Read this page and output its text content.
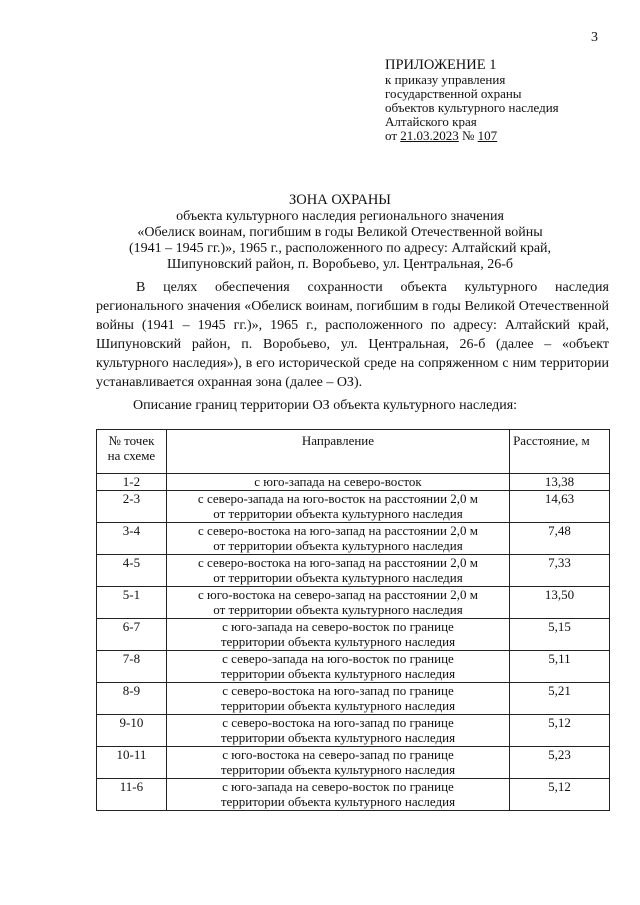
3
ПРИЛОЖЕНИЕ 1
к приказу управления
государственной охраны
объектов культурного наследия
Алтайского края
от 21.03.2023 № 107
ЗОНА ОХРАНЫ
объекта культурного наследия регионального значения
«Обелиск воинам, погибшим в годы Великой Отечественной войны
(1941 – 1945 гг.)», 1965 г., расположенного по адресу: Алтайский край,
Шипуновский район, п. Воробьево, ул. Центральная, 26-б
В целях обеспечения сохранности объекта культурного наследия регионального значения «Обелиск воинам, погибшим в годы Великой Отечественной войны (1941 – 1945 гг.)», 1965 г., расположенного по адресу: Алтайский край, Шипуновский район, п. Воробьево, ул. Центральная, 26-б (далее – «объект культурного наследия»), в его исторической среде на сопряженном с ним территории устанавливается охранная зона (далее – ОЗ).
Описание границ территории ОЗ объекта культурного наследия:
№ точек
на схеме	Направление	Расстояние, м
1-2	с юго-запада на северо-восток	13,38
2-3	с северо-запада на юго-восток на расстоянии 2,0 м
от территории объекта культурного наследия	14,63
3-4	с северо-востока на юго-запад на расстоянии 2,0 м
от территории объекта культурного наследия	7,48
4-5	с северо-востока на юго-запад на расстоянии 2,0 м
от территории объекта культурного наследия	7,33
5-1	с юго-востока на северо-запад на расстоянии 2,0 м
от территории объекта культурного наследия	13,50
6-7	с юго-запада на северо-восток по границе
территории объекта культурного наследия	5,15
7-8	с северо-запада на юго-восток по границе
территории объекта культурного наследия	5,11
8-9	с северо-востока на юго-запад по границе
территории объекта культурного наследия	5,21
9-10	с северо-востока на юго-запад по границе
территории объекта культурного наследия	5,12
10-11	с юго-востока на северо-запад по границе
территории объекта культурного наследия	5,23
11-6	с юго-запада на северо-восток по границе
территории объекта культурного наследия	5,12
